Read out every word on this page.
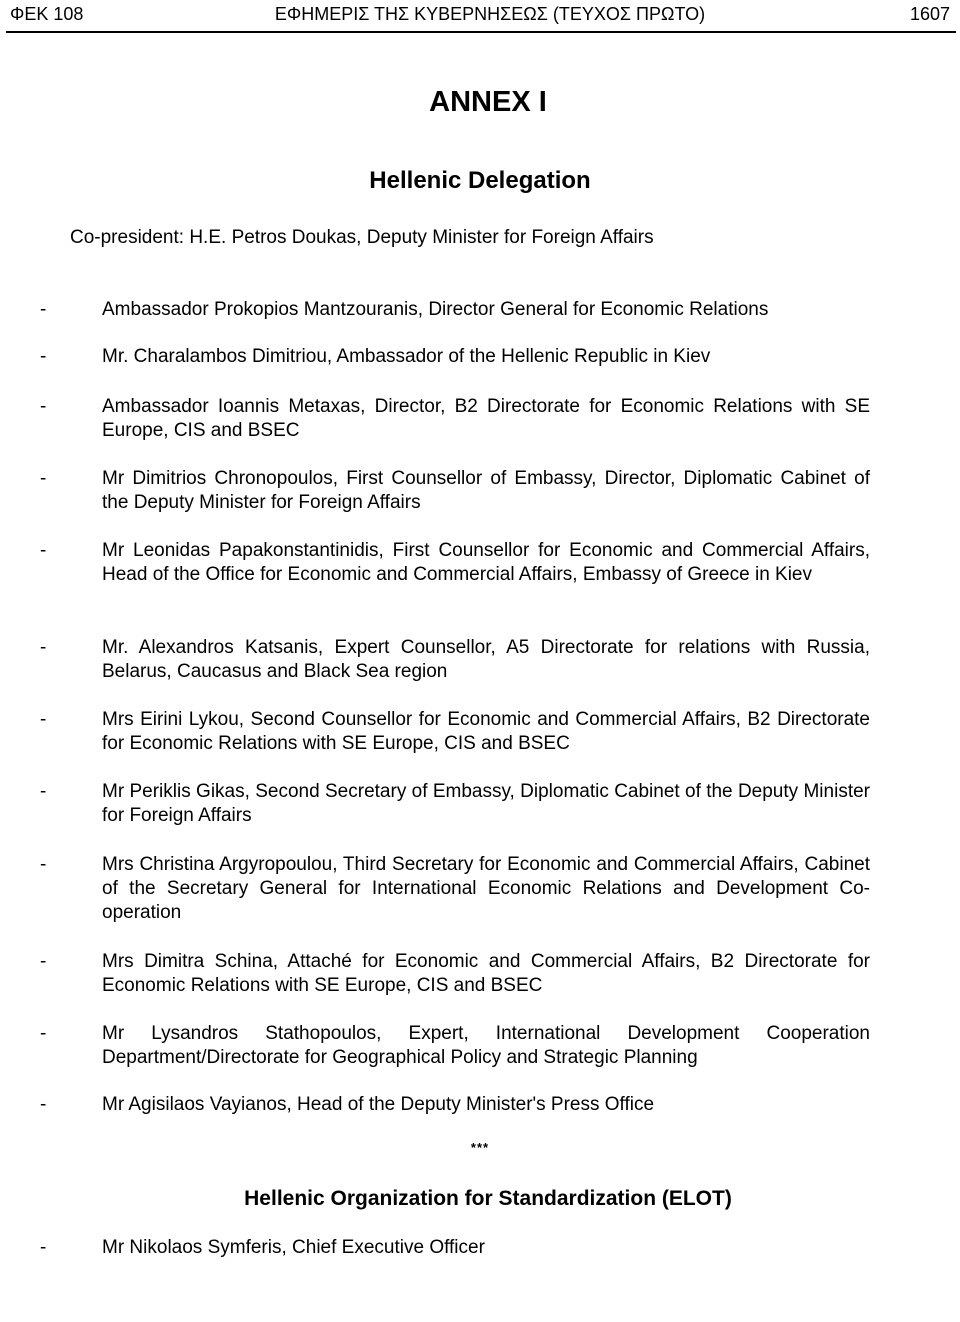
ΦΕΚ 108	ΕΦΗΜΕΡΙΣ ΤΗΣ ΚΥΒΕΡΝΗΣΕΩΣ (ΤΕΥΧΟΣ ΠΡΩΤΟ)	1607
ANNEX I
Hellenic Delegation
Co-president: H.E. Petros Doukas, Deputy Minister for Foreign Affairs
-	Ambassador Prokopios Mantzouranis, Director General for Economic Relations
-	Mr. Charalambos Dimitriou, Ambassador of the Hellenic Republic in Kiev
-	Ambassador Ioannis Metaxas, Director, B2 Directorate for Economic Relations with SE Europe, CIS and BSEC
-	Mr Dimitrios Chronopoulos, First Counsellor of Embassy, Director, Diplomatic Cabinet of the Deputy Minister for Foreign Affairs
-	Mr Leonidas Papakonstantinidis, First Counsellor for Economic and Commercial Affairs, Head of the Office for Economic and Commercial Affairs, Embassy of Greece in Kiev
-	Mr. Alexandros Katsanis, Expert Counsellor, A5 Directorate for relations with Russia, Belarus, Caucasus and Black Sea region
-	Mrs Eirini Lykou, Second Counsellor for Economic and Commercial Affairs, B2 Directorate for Economic Relations with SE Europe, CIS and BSEC
-	Mr Periklis Gikas, Second Secretary of Embassy, Diplomatic Cabinet of the Deputy Minister for Foreign Affairs
-	Mrs Christina Argyropoulou, Third Secretary for Economic and Commercial Affairs, Cabinet of the Secretary General for International Economic Relations and Development Co-operation
-	Mrs Dimitra Schina, Attaché for Economic and Commercial Affairs, B2 Directorate for Economic Relations with SE Europe, CIS and BSEC
-	Mr Lysandros Stathopoulos, Expert, International Development Cooperation Department/Directorate for Geographical Policy and Strategic Planning
-	Mr Agisilaos Vayianos, Head of the Deputy Minister's Press Office
***
Hellenic Organization for Standardization (ELOT)
-	Mr Nikolaos Symferis, Chief Executive Officer
